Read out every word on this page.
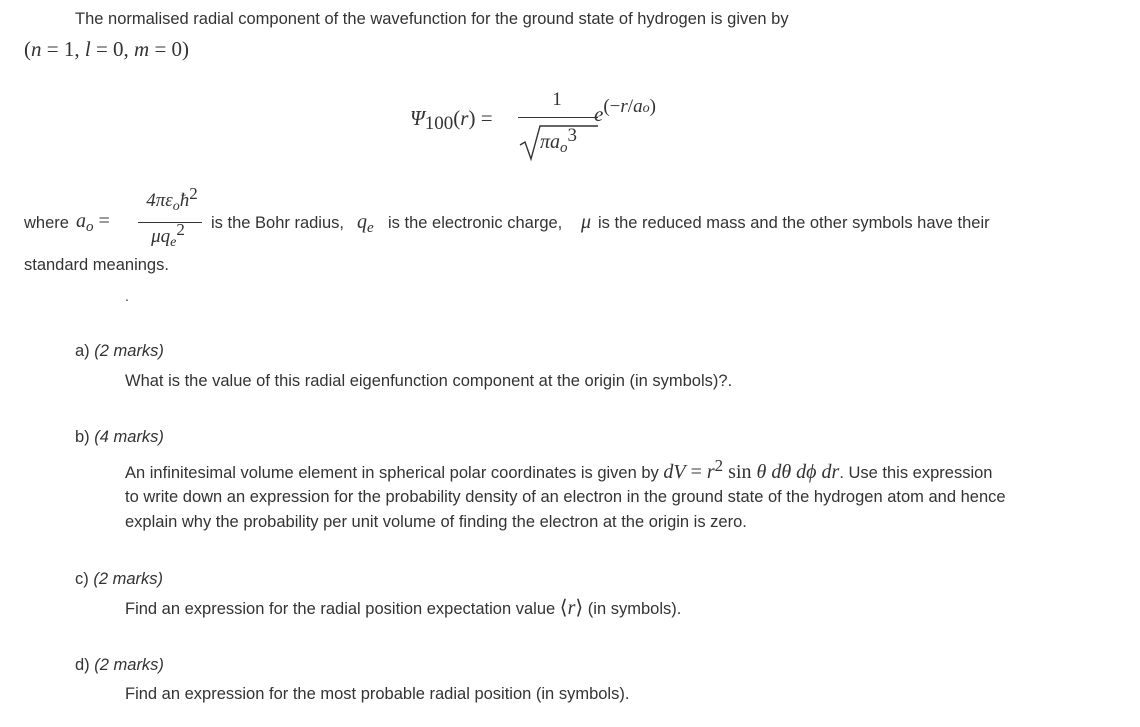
The normalised radial component of the wavefunction for the ground state of hydrogen is given by
(n = 1, l = 0, m = 0)
Ψ100(r) =
1
$\pi a_o3$
e(−r/ao)
where $a_o$ =
$4\pi\varepsilon_oħ2$
$\mu q_e2$	is the Bohr radius, $q_e$ is the electronic charge, μ is the reduced mass and the other symbols have their
standard meanings.
.
a) (2 marks)
What is the value of this radial eigenfunction component at the origin (in symbols)?.
b) (4 marks)
An infinitesimal volume element in spherical polar coordinates is given by dV = $r^2$ sin θ dθ dϕ dr. Use this expression
to write down an expression for the probability density of an electron in the ground state of the hydrogen atom and hence
explain why the probability per unit volume of finding the electron at the origin is zero.
c) (2 marks)
Find an expression for the radial position expectation value ⟨r⟩ (in symbols).
d) (2 marks)
Find an expression for the most probable radial position (in symbols).
